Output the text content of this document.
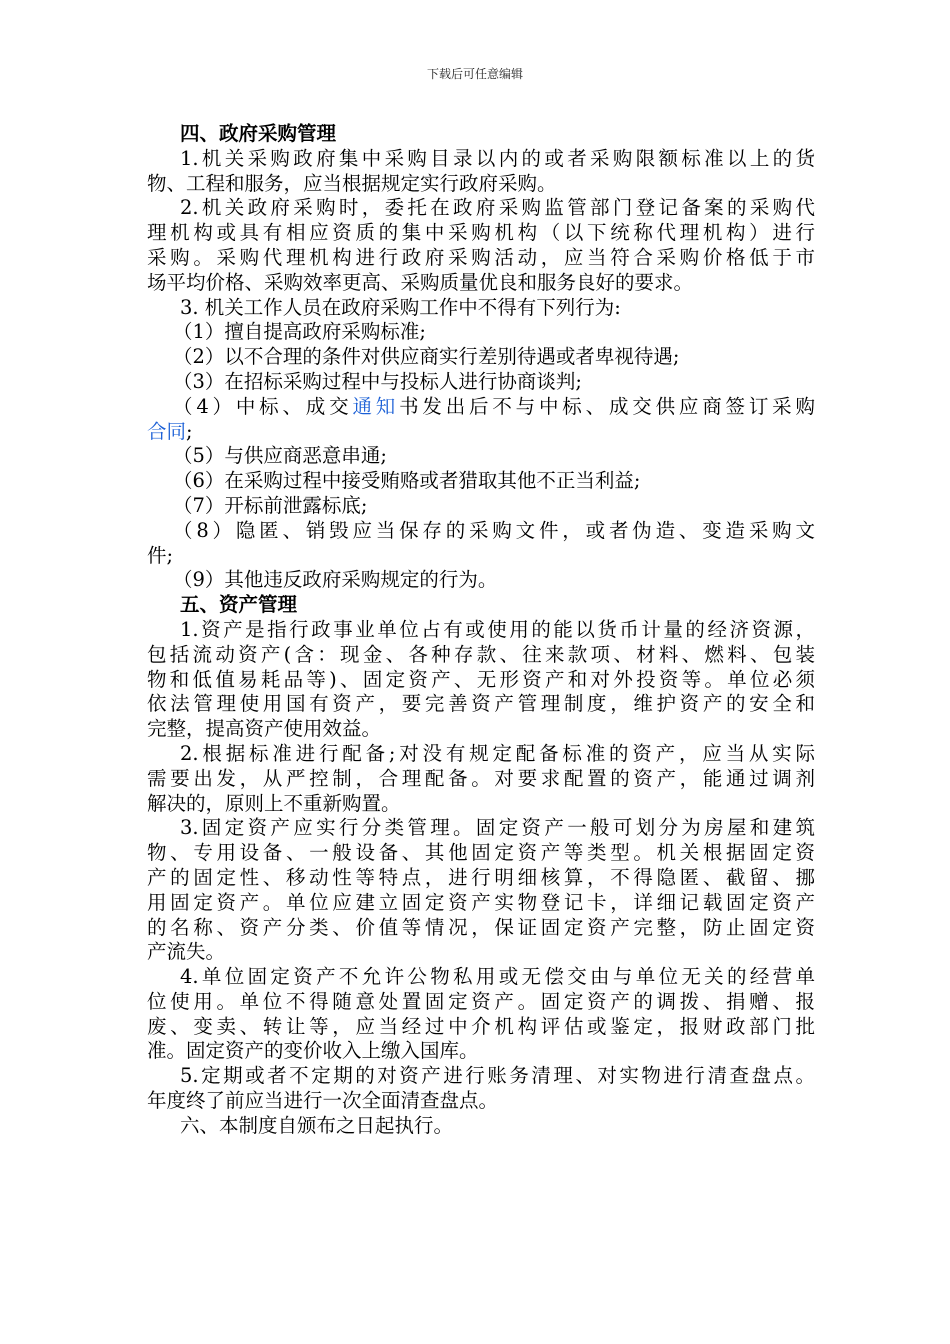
下载后可任意编辑
四、政府采购管理
1.机关采购政府集中采购目录以内的或者采购限额标准以上的货
物、工程和服务，应当根据规定实行政府采购。
2.机关政府采购时，委托在政府采购监管部门登记备案的采购代
理机构或具有相应资质的集中采购机构（以下统称代理机构）进行
采购。采购代理机构进行政府采购活动，应当符合采购价格低于市
场平均价格、采购效率更高、采购质量优良和服务良好的要求。
3. 机关工作人员在政府采购工作中不得有下列行为:
（1）擅自提高政府采购标准;
（2）以不合理的条件对供应商实行差别待遇或者卑视待遇;
（3）在招标采购过程中与投标人进行协商谈判;
（4）中标、成交通知书发出后不与中标、成交供应商签订采购
合同;
（5）与供应商恶意串通;
（6）在采购过程中接受贿赂或者猎取其他不正当利益;
（7）开标前泄露标底;
（8）隐匿、销毁应当保存的采购文件，或者伪造、变造采购文
件;
（9）其他违反政府采购规定的行为。
五、资产管理
1.资产是指行政事业单位占有或使用的能以货币计量的经济资源，
包括流动资产(含：现金、各种存款、往来款项、材料、燃料、包装
物和低值易耗品等)、固定资产、无形资产和对外投资等。单位必须
依法管理使用国有资产，要完善资产管理制度，维护资产的安全和
完整，提高资产使用效益。
2.根据标准进行配备;对没有规定配备标准的资产，应当从实际
需要出发，从严控制，合理配备。对要求配置的资产，能通过调剂
解决的，原则上不重新购置。
3.固定资产应实行分类管理。固定资产一般可划分为房屋和建筑
物、专用设备、一般设备、其他固定资产等类型。机关根据固定资
产的固定性、移动性等特点，进行明细核算，不得隐匿、截留、挪
用固定资产。单位应建立固定资产实物登记卡，详细记载固定资产
的名称、资产分类、价值等情况，保证固定资产完整，防止固定资
产流失。
4.单位固定资产不允许公物私用或无偿交由与单位无关的经营单
位使用。单位不得随意处置固定资产。固定资产的调拨、捐赠、报
废、变卖、转让等，应当经过中介机构评估或鉴定，报财政部门批
准。固定资产的变价收入上缴入国库。
5.定期或者不定期的对资产进行账务清理、对实物进行清查盘点。
年度终了前应当进行一次全面清查盘点。
六、本制度自颁布之日起执行。
